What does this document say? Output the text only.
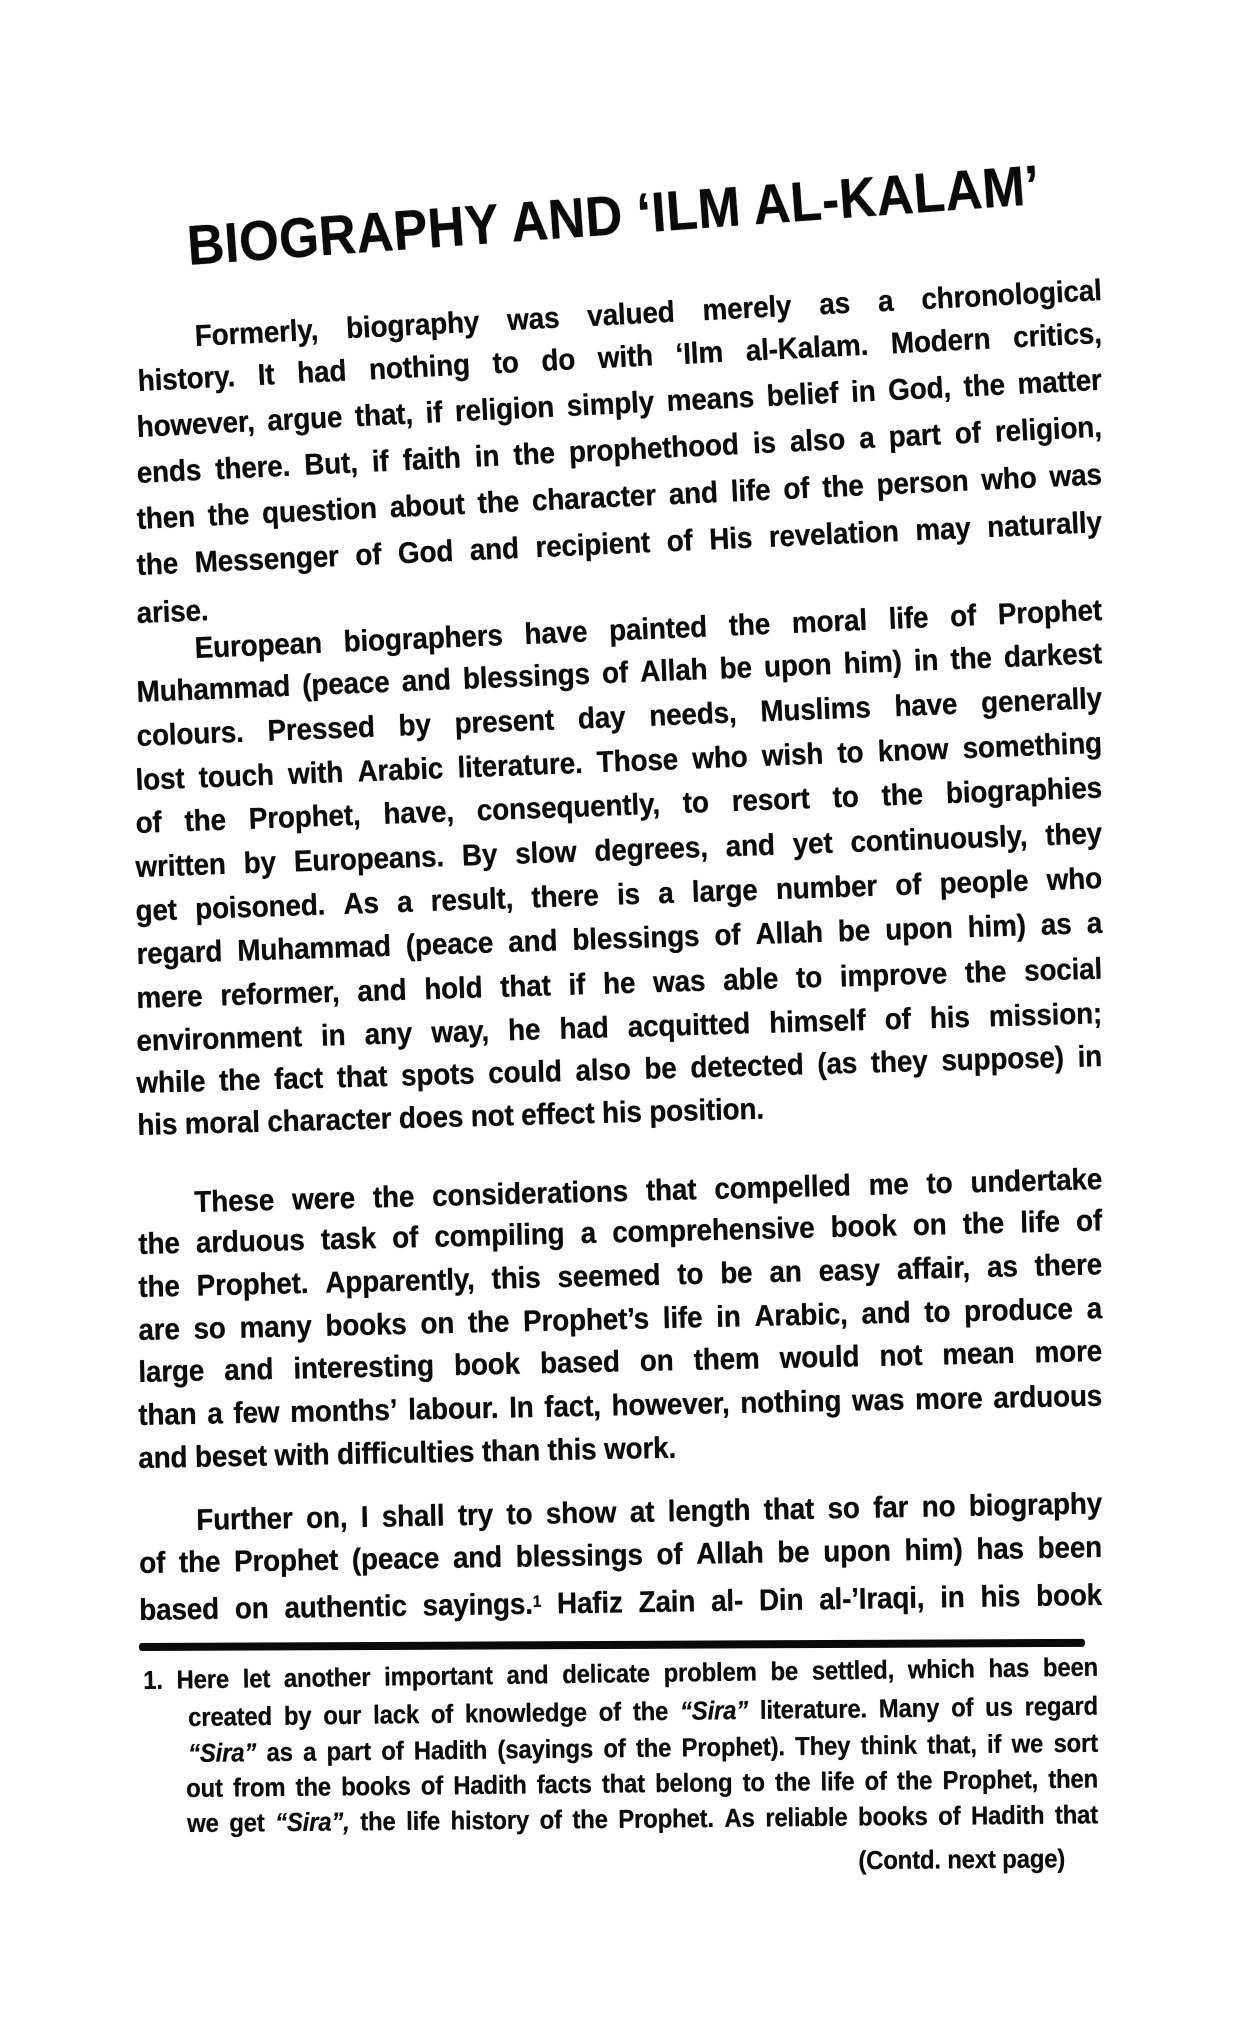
BIOGRAPHY AND ‘ILM AL-KALAM’
Formerly, biography was valued merely as a chronological
history. It had nothing to do with ‘Ilm al-Kalam. Modern critics,
however, argue that, if religion simply means belief in God, the matter
ends there. But, if faith in the prophethood is also a part of religion,
then the question about the character and life of the person who was
the Messenger of God and recipient of His revelation may naturally
arise.
European biographers have painted the moral life of Prophet
Muhammad (peace and blessings of Allah be upon him) in the darkest
colours. Pressed by present day needs, Muslims have generally
lost touch with Arabic literature. Those who wish to know something
of the Prophet, have, consequently, to resort to the biographies
written by Europeans. By slow degrees, and yet continuously, they
get poisoned. As a result, there is a large number of people who
regard Muhammad (peace and blessings of Allah be upon him) as a
mere reformer, and hold that if he was able to improve the social
environment in any way, he had acquitted himself of his mission;
while the fact that spots could also be detected (as they suppose) in
his moral character does not effect his position.
These were the considerations that compelled me to undertake
the arduous task of compiling a comprehensive book on the life of
the Prophet. Apparently, this seemed to be an easy affair, as there
are so many books on the Prophet’s life in Arabic, and to produce a
large and interesting book based on them would not mean more
than a few months’ labour. In fact, however, nothing was more arduous
and beset with difficulties than this work.
Further on, I shall try to show at length that so far no biography
of the Prophet (peace and blessings of Allah be upon him) has been
based on authentic sayings.$^1$ Hafiz Zain al- Din al-’Iraqi, in his book
1. Here let another important and delicate problem be settled, which has been
created by our lack of knowledge of the “Sira” literature. Many of us regard
“Sira” as a part of Hadith (sayings of the Prophet). They think that, if we sort
out from the books of Hadith facts that belong to the life of the Prophet, then
we get “Sira”, the life history of the Prophet. As reliable books of Hadith that
(Contd. next page)
